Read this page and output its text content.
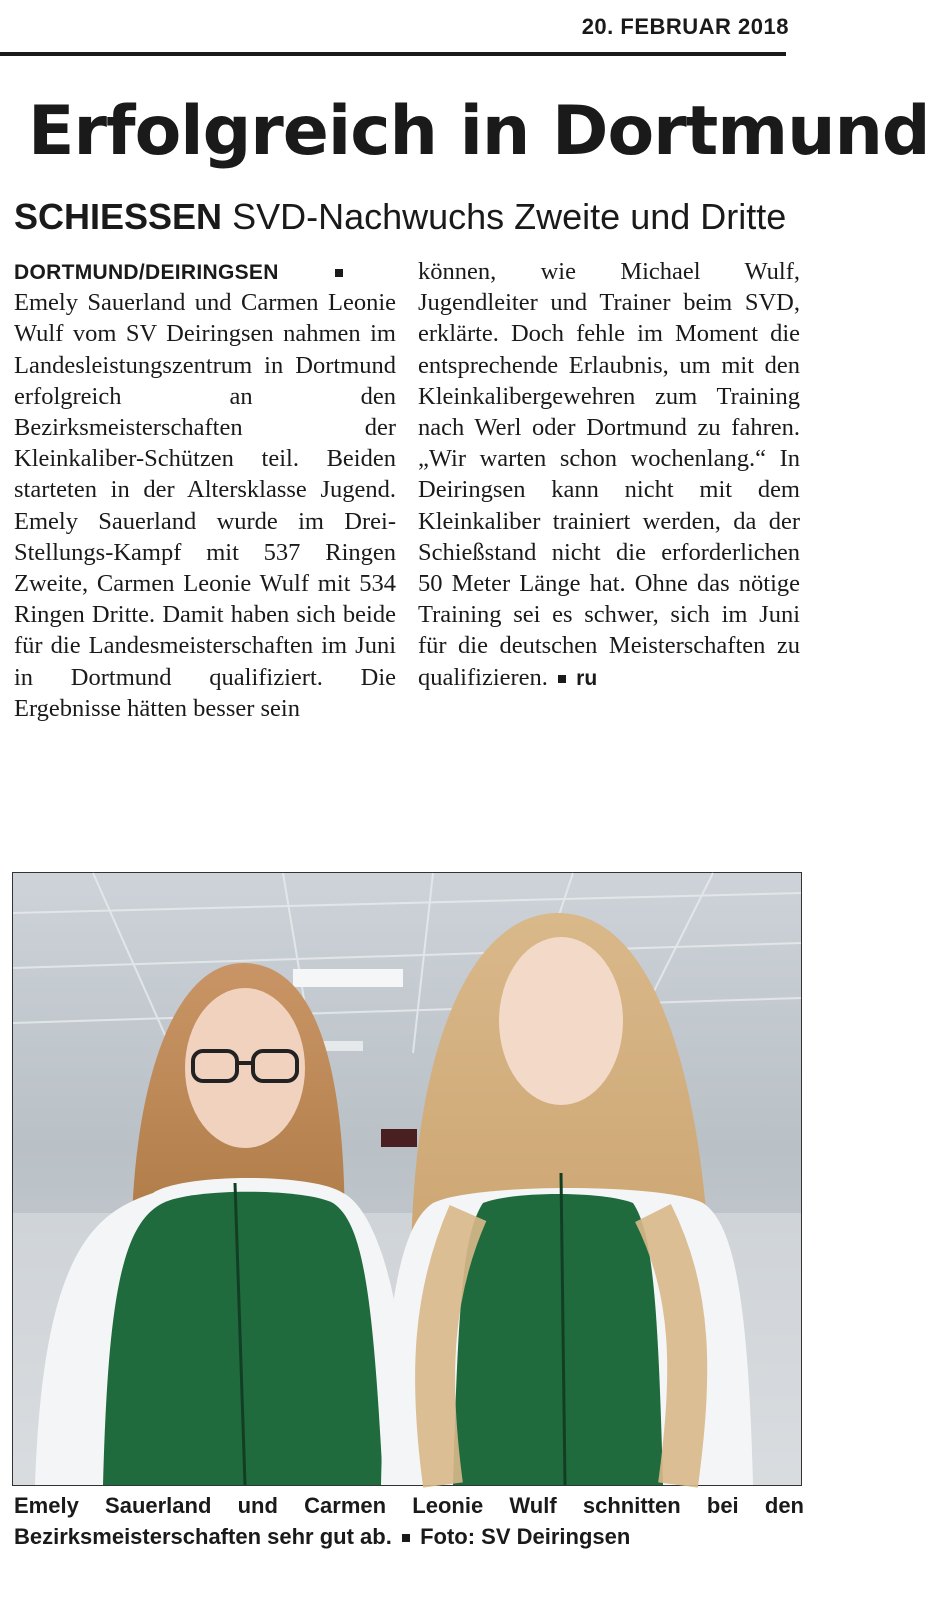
20. FEBRUAR 2018
Erfolgreich in Dortmund
SCHIESSEN SVD-Nachwuchs Zweite und Dritte

DORTMUND/DEIRINGSEN

Emely Sauerland und Carmen Leonie Wulf vom SV Deiringsen nahmen im Landesleistungszentrum in Dortmund erfolgreich an den Bezirksmeisterschaften der Kleinkaliber-Schützen teil. Beiden starteten in der Altersklasse Jugend. Emely Sauerland wurde im Drei-Stellungs-Kampf mit 537 Ringen Zweite, Carmen Leonie Wulf mit 534 Ringen Dritte. Damit haben sich beide für die Landesmeisterschaften im Juni in Dortmund qualifiziert. Die Ergebnisse hätten besser sein

können, wie Michael Wulf, Jugendleiter und Trainer beim SVD, erklärte. Doch fehle im Moment die entsprechende Erlaubnis, um mit den Kleinkalibergewehren zum Training nach Werl oder Dortmund zu fahren. „Wir warten schon wochenlang.“ In Deiringsen kann nicht mit dem Kleinkaliber trainiert werden, da der Schießstand nicht die erforderlichen 50 Meter Länge hat. Ohne das nötige Training sei es schwer, sich im Juni für die deutschen Meisterschaften zu qualifizieren. ru

Emely Sauerland und Carmen Leonie Wulf schnitten bei den Bezirksmeisterschaften sehr gut ab. Foto: SV Deiringsen
